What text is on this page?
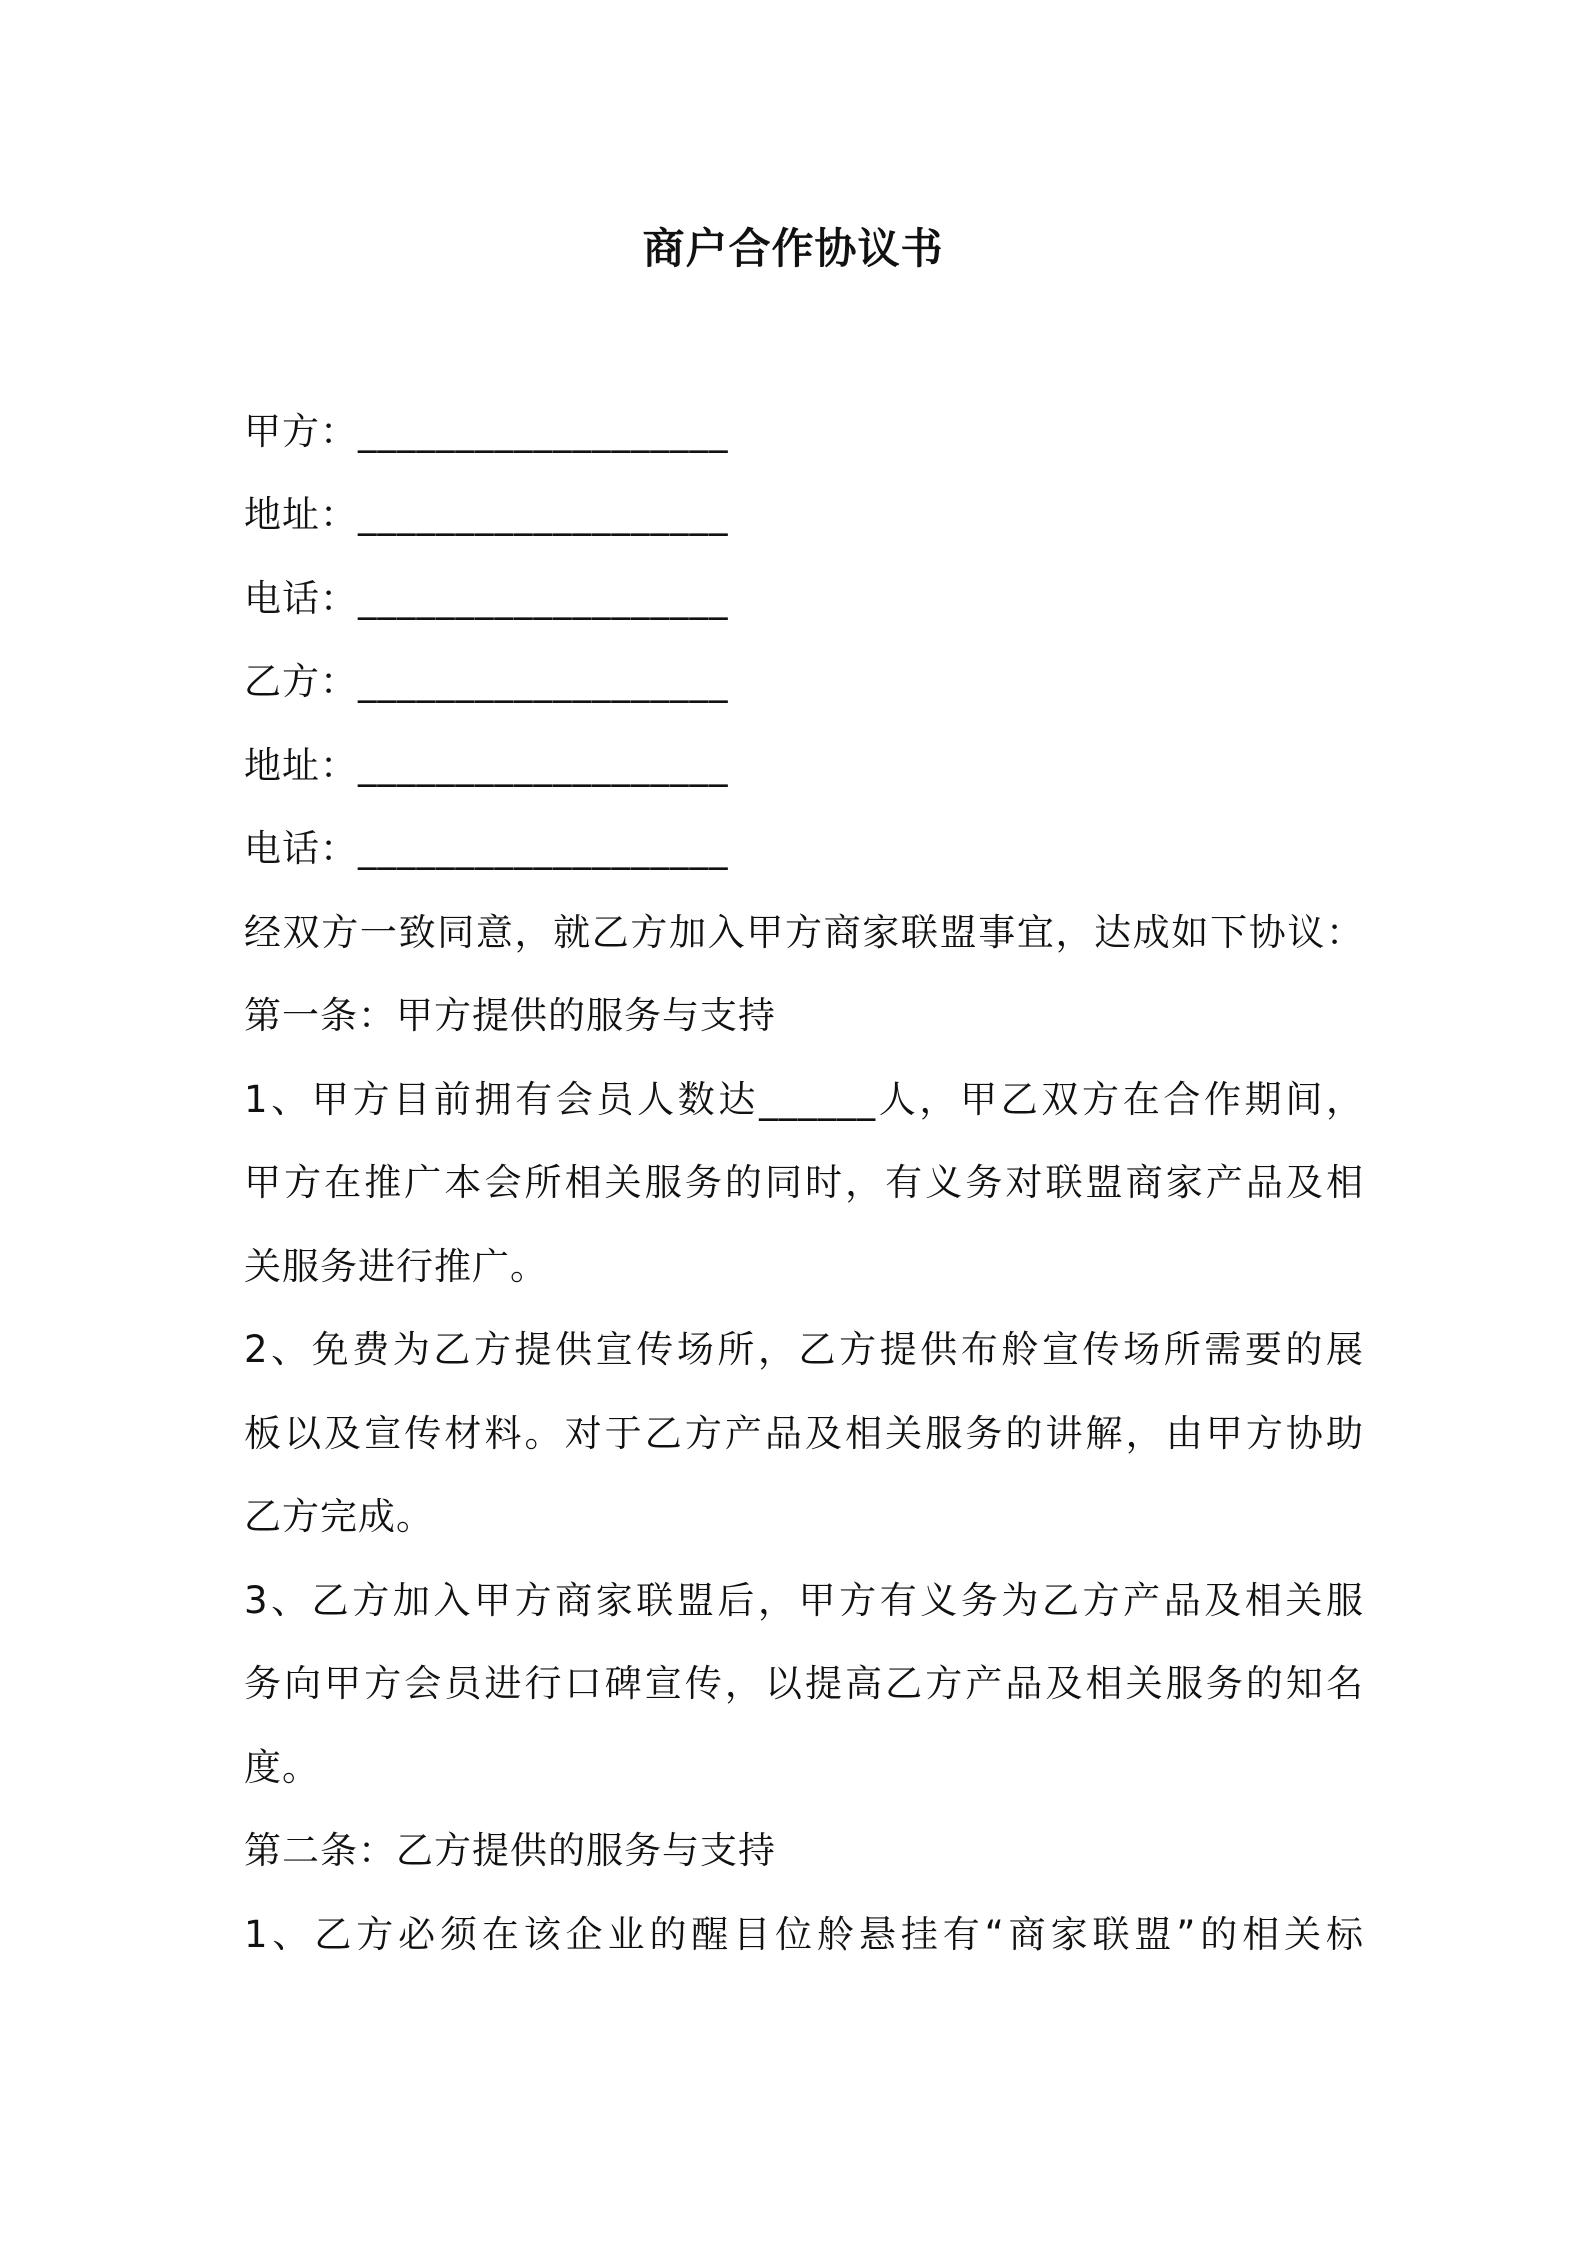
商户合作协议书
甲方：___________________
地址：___________________
电话：___________________
乙方：___________________
地址：___________________
电话：___________________
经双方一致同意，就乙方加入甲方商家联盟事宜，达成如下协议：
第一条：甲方提供的服务与支持
1、甲方目前拥有会员人数达______人，甲乙双方在合作期间，
甲方在推广本会所相关服务的同时，有义务对联盟商家产品及相
关服务进行推广。
2、免费为乙方提供宣传场所，乙方提供布舲宣传场所需要的展
板以及宣传材料。对于乙方产品及相关服务的讲解，由甲方协助
乙方完成。
3、乙方加入甲方商家联盟后，甲方有义务为乙方产品及相关服
务向甲方会员进行口碑宣传，以提高乙方产品及相关服务的知名
度。
第二条：乙方提供的服务与支持
1、乙方必须在该企业的醒目位舲悬挂有“商家联盟”的相关标
